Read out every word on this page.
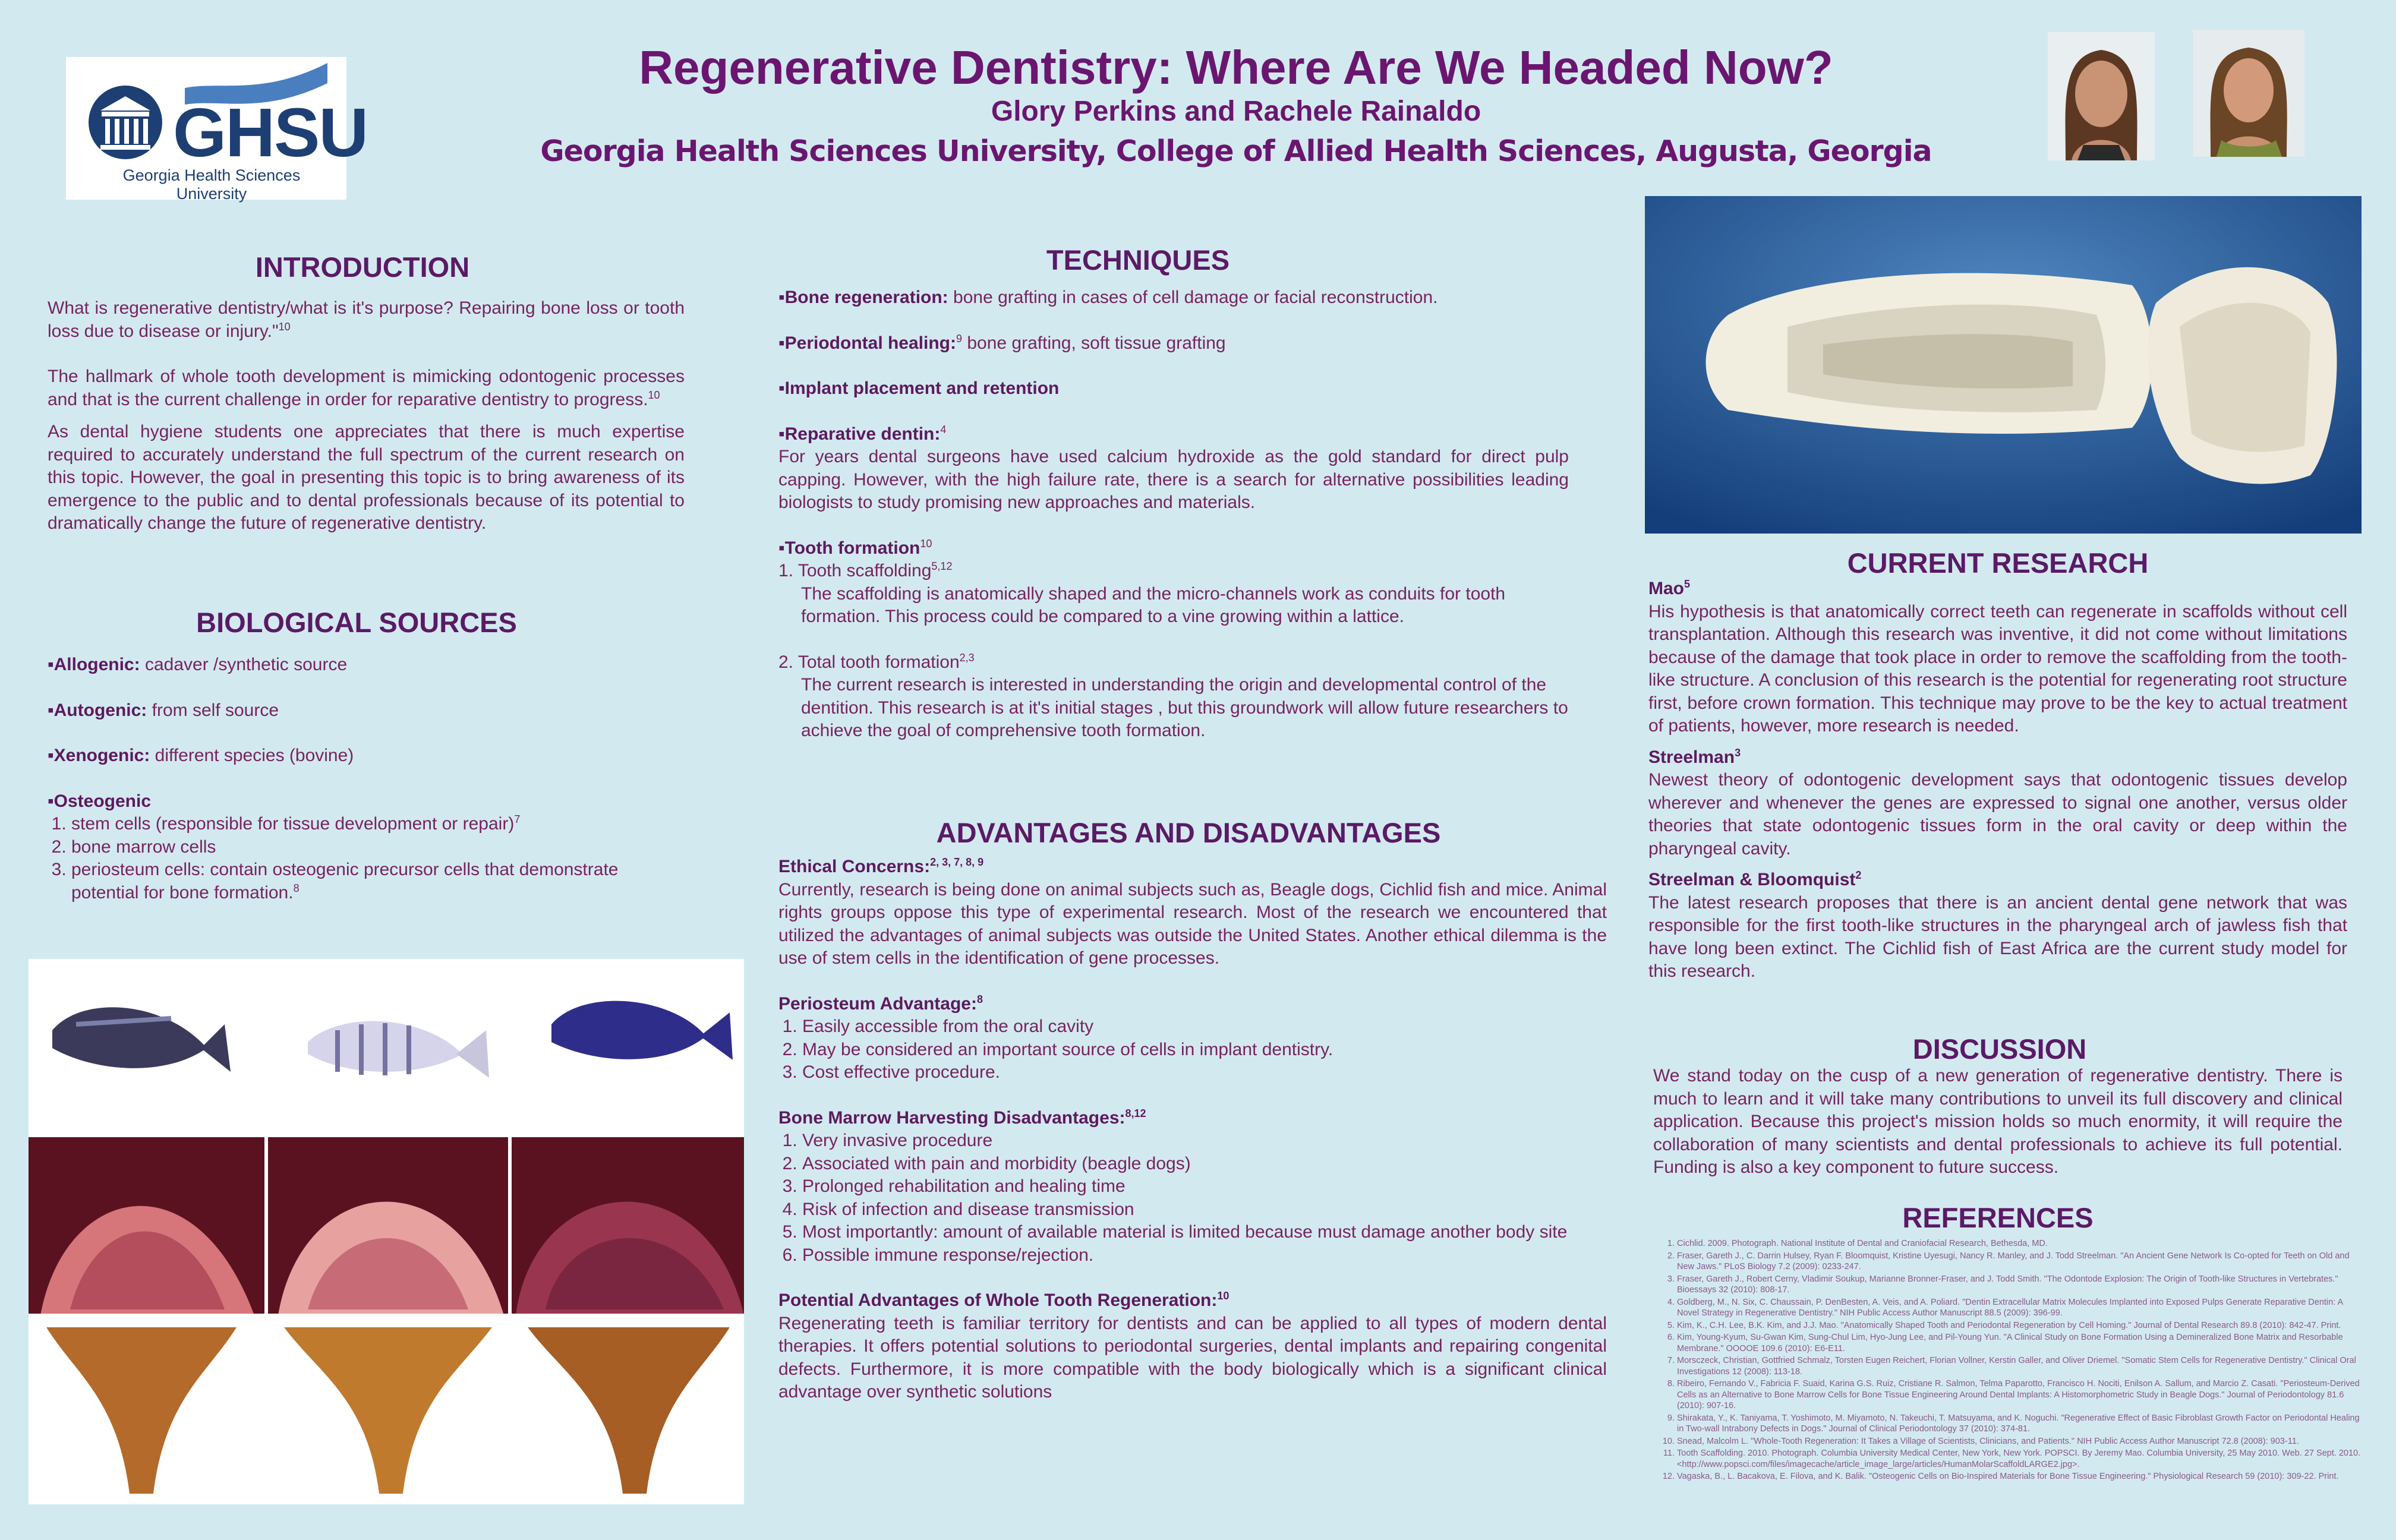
GHSU
Georgia Health Sciences University
Regenerative Dentistry: Where Are We Headed Now?
Glory Perkins and Rachele Rainaldo
Georgia Health Sciences University, College of Allied Health Sciences, Augusta, Georgia
INTRODUCTION
What is regenerative dentistry/what is it's purpose? Repairing bone loss or tooth loss due to disease or injury."$^{10}$
The hallmark of whole tooth development is mimicking odontogenic processes and that is the current challenge in order for reparative dentistry to progress.$^{10}$
As dental hygiene students one appreciates that there is much expertise required to accurately understand the full spectrum of the current research on this topic. However, the goal in presenting this topic is to bring awareness of its emergence to the public and to dental professionals because of its potential to dramatically change the future of regenerative dentistry.
BIOLOGICAL SOURCES
▪Allogenic: cadaver /synthetic source
▪Autogenic: from self source
▪Xenogenic: different species (bovine)
▪Osteogenic
1. stem cells (responsible for tissue development or repair)$^7$
2. bone marrow cells
3. periosteum cells: contain osteogenic precursor cells that demonstrate potential for bone formation.$^8$
TECHNIQUES
▪Bone regeneration: bone grafting in cases of cell damage or facial reconstruction.
▪Periodontal healing:$^9$ bone grafting, soft tissue grafting
▪Implant placement and retention
▪Reparative dentin:$^4$
For years dental surgeons have used calcium hydroxide as the gold standard for direct pulp capping. However, with the high failure rate, there is a search for alternative possibilities leading biologists to study promising new approaches and materials.
▪Tooth formation$^{10}$
1. Tooth scaffolding$^{5,12}$
The scaffolding is anatomically shaped and the micro-channels work as conduits for tooth formation. This process could be compared to a vine growing within a lattice.
2. Total tooth formation$^{2,3}$
The current research is interested in understanding the origin and developmental control of the dentition. This research is at it's initial stages , but this groundwork will allow future researchers to achieve the goal of comprehensive tooth formation.
ADVANTAGES AND DISADVANTAGES
Ethical Concerns:$^{2, 3, 7, 8, 9}$
Currently, research is being done on animal subjects such as, Beagle dogs, Cichlid fish and mice. Animal rights groups oppose this type of experimental research. Most of the research we encountered that utilized the advantages of animal subjects was outside the United States. Another ethical dilemma is the use of stem cells in the identification of gene processes.
Periosteum Advantage:$^8$
1. Easily accessible from the oral cavity
2. May be considered an important source of cells in implant dentistry.
3. Cost effective procedure.
Bone Marrow Harvesting Disadvantages:$^{8,12}$
1. Very invasive procedure
2. Associated with pain and morbidity (beagle dogs)
3. Prolonged rehabilitation and healing time
4. Risk of infection and disease transmission
5. Most importantly: amount of available material is limited because must damage another body site
6. Possible immune response/rejection.
Potential Advantages of Whole Tooth Regeneration:$^{10}$
Regenerating teeth is familiar territory for dentists and can be applied to all types of modern dental therapies. It offers potential solutions to periodontal surgeries, dental implants and repairing congenital defects. Furthermore, it is more compatible with the body biologically which is a significant clinical advantage over synthetic solutions
CURRENT RESEARCH
Mao$^5$
His hypothesis is that anatomically correct teeth can regenerate in scaffolds without cell transplantation. Although this research was inventive, it did not come without limitations because of the damage that took place in order to remove the scaffolding from the tooth-like structure. A conclusion of this research is the potential for regenerating root structure first, before crown formation. This technique may prove to be the key to actual treatment of patients, however, more research is needed.
Streelman$^3$
Newest theory of odontogenic development says that odontogenic tissues develop wherever and whenever the genes are expressed to signal one another, versus older theories that state odontogenic tissues form in the oral cavity or deep within the pharyngeal cavity.
Streelman & Bloomquist$^2$
The latest research proposes that there is an ancient dental gene network that was responsible for the first tooth-like structures in the pharyngeal arch of jawless fish that have long been extinct. The Cichlid fish of East Africa are the current study model for this research.
DISCUSSION
We stand today on the cusp of a new generation of regenerative dentistry. There is much to learn and it will take many contributions to unveil its full discovery and clinical application. Because this project's mission holds so much enormity, it will require the collaboration of many scientists and dental professionals to achieve its full potential. Funding is also a key component to future success.
REFERENCES
1. Cichlid. 2009. Photograph. National Institute of Dental and Craniofacial Research, Bethesda, MD.
2. Fraser, Gareth J., C. Darrin Hulsey, Ryan F. Bloomquist, Kristine Uyesugi, Nancy R. Manley, and J. Todd Streelman. "An Ancient Gene Network Is Co-opted for Teeth on Old and New Jaws." PLoS Biology 7.2 (2009): 0233-247.
3. Fraser, Gareth J., Robert Cerny, Vladimir Soukup, Marianne Bronner-Fraser, and J. Todd Smith. "The Odontode Explosion: The Origin of Tooth-like Structures in Vertebrates." Bioessays 32 (2010): 808-17.
4. Goldberg, M., N. Six, C. Chaussain, P. DenBesten, A. Veis, and A. Poliard. "Dentin Extracellular Matrix Molecules Implanted into Exposed Pulps Generate Reparative Dentin: A Novel Strategy in Regenerative Dentistry." NIH Public Access Author Manuscript 88.5 (2009): 396-99.
5. Kim, K., C.H. Lee, B.K. Kim, and J.J. Mao. "Anatomically Shaped Tooth and Periodontal Regeneration by Cell Homing." Journal of Dental Research 89.8 (2010): 842-47. Print.
6. Kim, Young-Kyum, Su-Gwan Kim, Sung-Chul Lim, Hyo-Jung Lee, and Pil-Young Yun. "A Clinical Study on Bone Formation Using a Demineralized Bone Matrix and Resorbable Membrane." OOOOE 109.6 (2010): E6-E11.
7. Morsczeck, Christian, Gottfried Schmalz, Torsten Eugen Reichert, Florian Vollner, Kerstin Galler, and Oliver Driemel. "Somatic Stem Cells for Regenerative Dentistry." Clinical Oral Investigations 12 (2008): 113-18.
8. Ribeiro, Fernando V., Fabricia F. Suaid, Karina G.S. Ruiz, Cristiane R. Salmon, Telma Paparotto, Francisco H. Nociti, Enilson A. Sallum, and Marcio Z. Casati. "Periosteum-Derived Cells as an Alternative to Bone Marrow Cells for Bone Tissue Engineering Around Dental Implants: A Histomorphometric Study in Beagle Dogs." Journal of Periodontology 81.6 (2010): 907-16.
9. Shirakata, Y., K. Taniyama, T. Yoshimoto, M. Miyamoto, N. Takeuchi, T. Matsuyama, and K. Noguchi. "Regenerative Effect of Basic Fibroblast Growth Factor on Periodontal Healing in Two-wall Intrabony Defects in Dogs." Journal of Clinical Periodontology 37 (2010): 374-81.
10. Snead, Malcolm L. "Whole-Tooth Regeneration: It Takes a Village of Scientists, Clinicians, and Patients." NIH Public Access Author Manuscript 72.8 (2008): 903-11.
11. Tooth Scaffolding. 2010. Photograph. Columbia University Medical Center, New York, New York. POPSCI. By Jeremy Mao. Columbia University, 25 May 2010. Web. 27 Sept. 2010. <http://www.popsci.com/files/imagecache/article_image_large/articles/HumanMolarScaffoldLARGE2.jpg>.
12. Vagaska, B., L. Bacakova, E. Filova, and K. Balik. "Osteogenic Cells on Bio-Inspired Materials for Bone Tissue Engineering." Physiological Research 59 (2010): 309-22. Print.
